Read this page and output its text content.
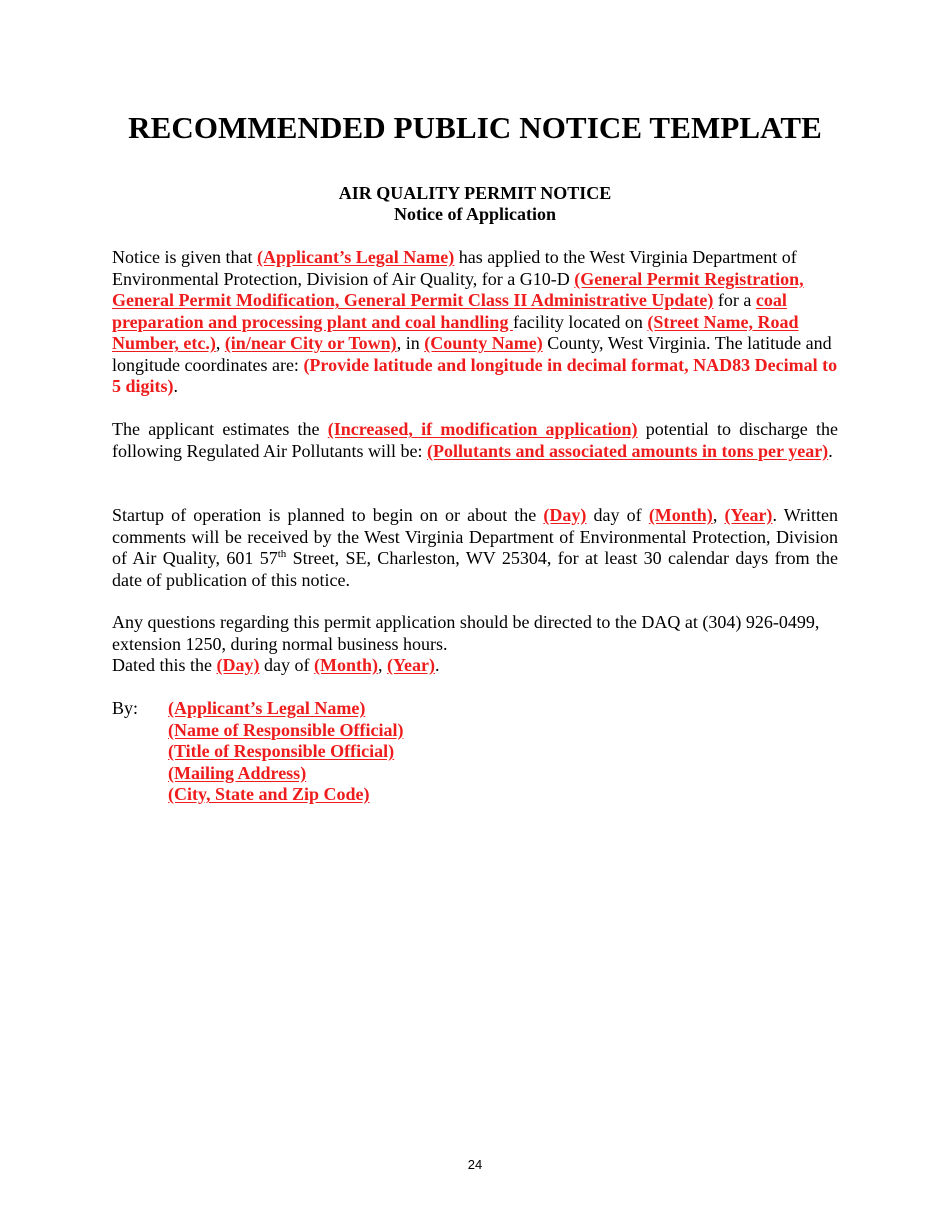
RECOMMENDED PUBLIC NOTICE TEMPLATE
AIR QUALITY PERMIT NOTICE
Notice of Application
Notice is given that (Applicant’s Legal Name) has applied to the West Virginia Department of Environmental Protection, Division of Air Quality, for a G10-D (General Permit Registration, General Permit Modification, General Permit Class II Administrative Update) for a coal preparation and processing plant and coal handling facility located on (Street Name, Road Number, etc.), (in/near City or Town), in (County Name) County, West Virginia. The latitude and longitude coordinates are: (Provide latitude and longitude in decimal format, NAD83 Decimal to 5 digits).
The applicant estimates the (Increased, if modification application) potential to discharge the following Regulated Air Pollutants will be: (Pollutants and associated amounts in tons per year).
Startup of operation is planned to begin on or about the (Day) day of (Month), (Year). Written comments will be received by the West Virginia Department of Environmental Protection, Division of Air Quality, 601 57th Street, SE, Charleston, WV 25304, for at least 30 calendar days from the date of publication of this notice.
Any questions regarding this permit application should be directed to the DAQ at (304) 926-0499, extension 1250, during normal business hours.
Dated this the (Day) day of (Month), (Year).
By: (Applicant’s Legal Name)
(Name of Responsible Official)
(Title of Responsible Official)
(Mailing Address)
(City, State and Zip Code)
24
